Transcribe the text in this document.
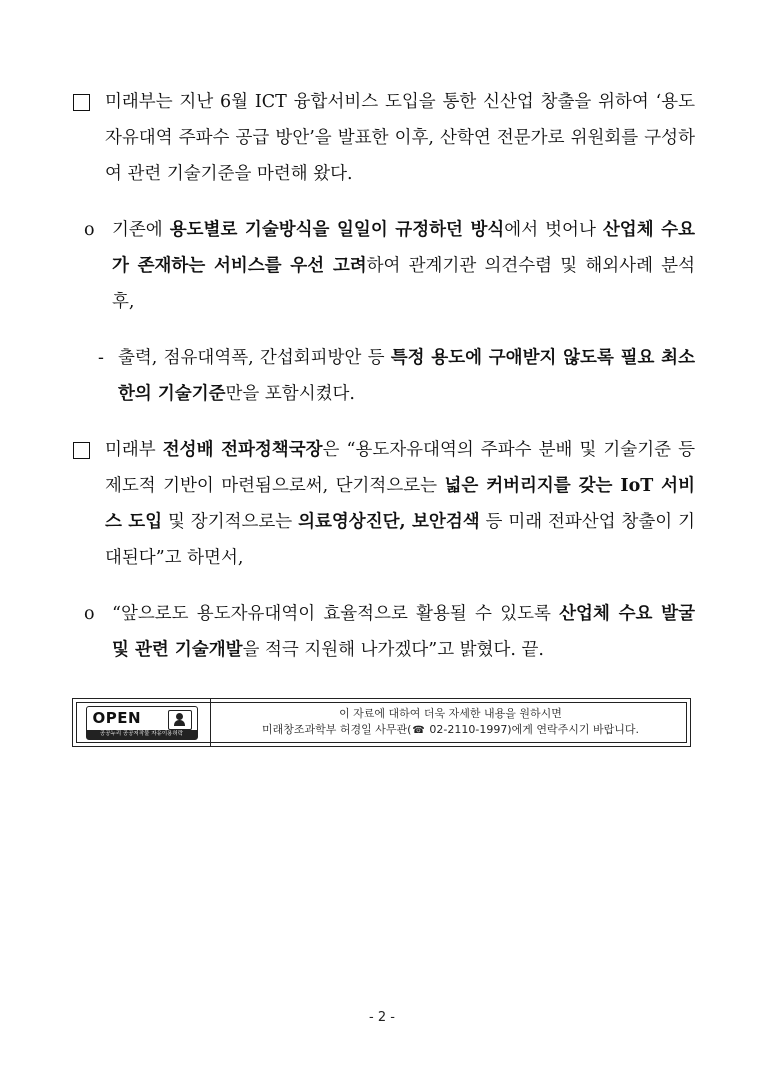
미래부는 지난 6월 ICT 융합서비스 도입을 통한 신산업 창출을 위하여 ‘용도자유대역 주파수 공급 방안’을 발표한 이후, 산학연 전문가로 위원회를 구성하여 관련 기술기준을 마련해 왔다.

o 기존에 용도별로 기술방식을 일일이 규정하던 방식에서 벗어나 산업체 수요가 존재하는 서비스를 우선 고려하여 관계기관 의견수렴 및 해외사례 분석 후,

- 출력, 점유대역폭, 간섭회피방안 등 특정 용도에 구애받지 않도록 필요 최소한의 기술기준만을 포함시켰다.

미래부 전성배 전파정책국장은 “용도자유대역의 주파수 분배 및 기술기준 등 제도적 기반이 마련됨으로써, 단기적으로는 넓은 커버리지를 갖는 IoT 서비스 도입 및 장기적으로는 의료영상진단, 보안검색 등 미래 전파산업 창출이 기대된다”고 하면서,

o “앞으로도 용도자유대역이 효율적으로 활용될 수 있도록 산업체 수요 발굴 및 관련 기술개발을 적극 지원해 나가겠다”고 밝혔다. 끝.

OPEN
공공누리 공공저작물 자유이용허락
이 자료에 대하여 더욱 자세한 내용을 원하시면
미래창조과학부 허경일 사무관(☎ 02-2110-1997)에게 연락주시기 바랍니다.
- 2 -
